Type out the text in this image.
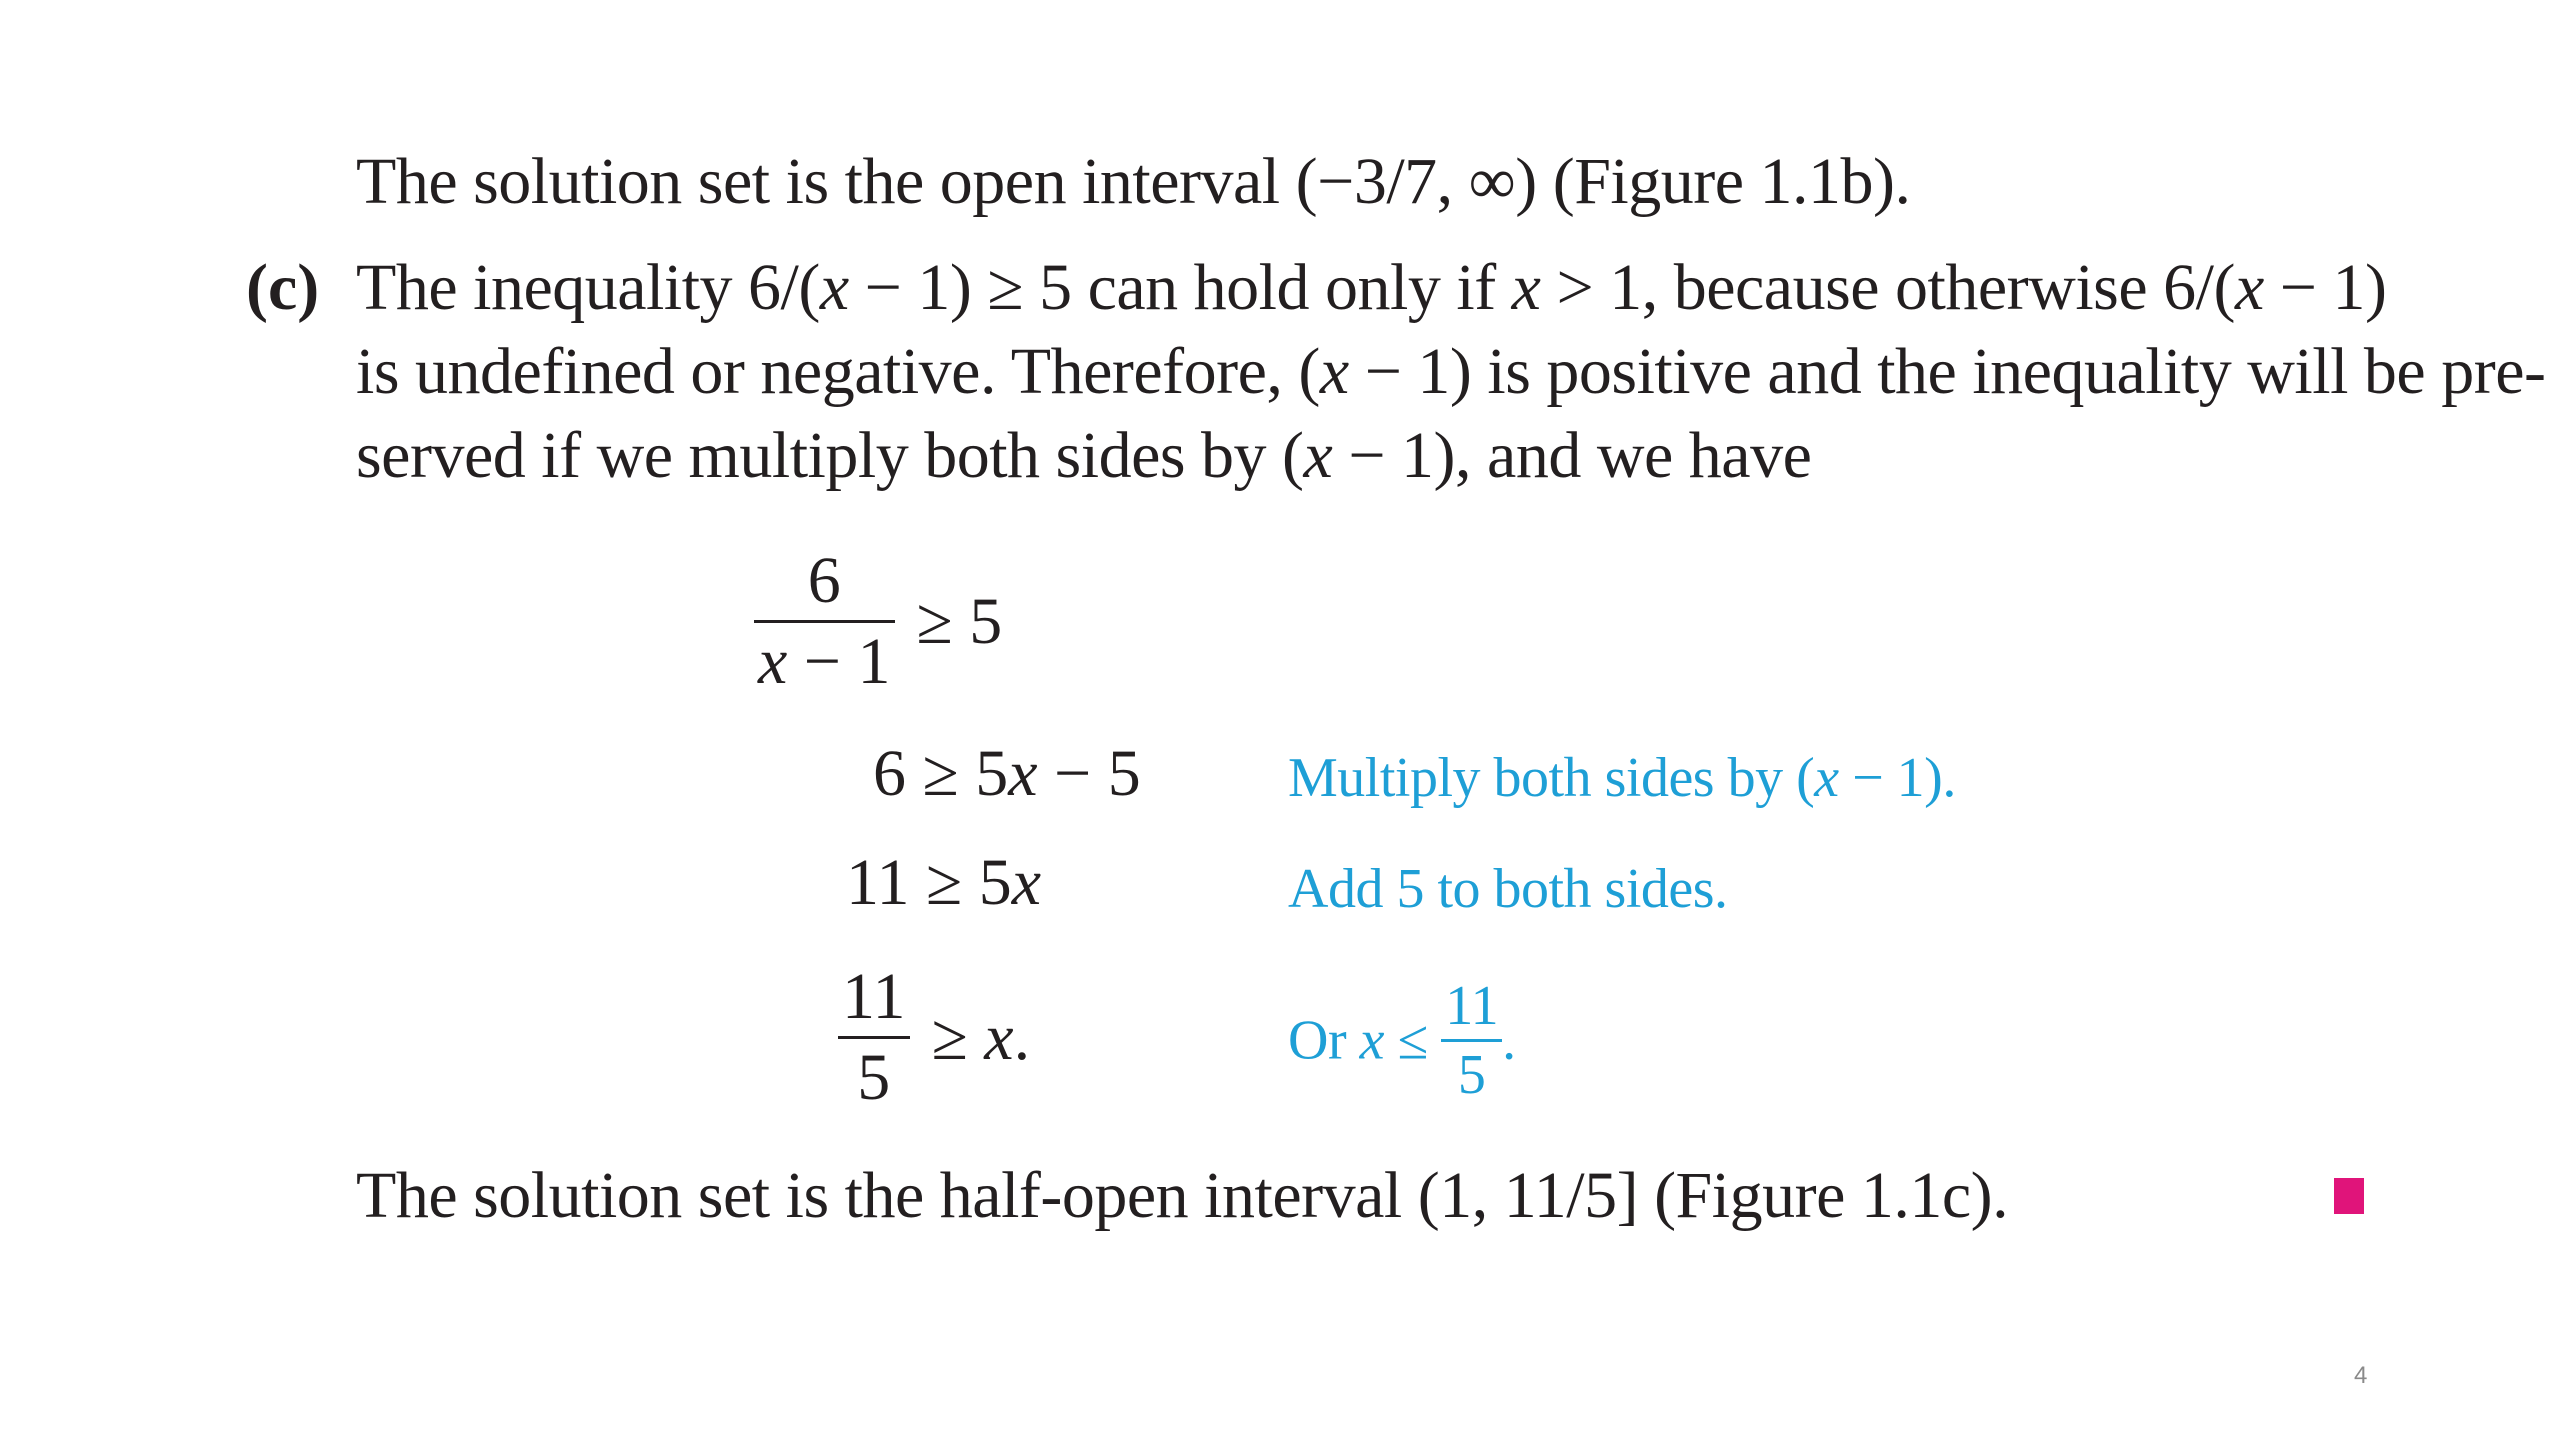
The solution set is the open interval (−3/7, ∞) (Figure 1.1b).
(c) The inequality 6/(x − 1) ≥ 5 can hold only if x > 1, because otherwise 6/(x − 1)
is undefined or negative. Therefore, (x − 1) is positive and the inequality will be pre-
served if we multiply both sides by (x − 1), and we have
$\frac{6}{x - 1} \ge 5$
6 ≥ 5x − 5	Multiply both sides by (x − 1).
11 ≥ 5x	Add 5 to both sides.
$\frac{11}{5} \ge x$.	Or $x \le \frac{11}{5}$ .
The solution set is the half-open interval (1, 11/5] (Figure 1.1c).
4
